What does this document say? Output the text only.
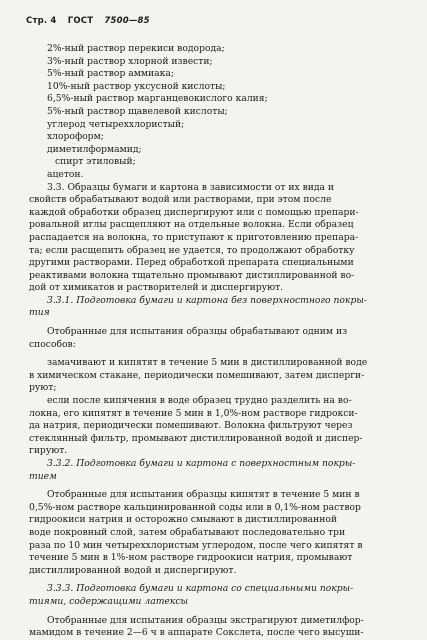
Стр. 4 ГОСТ 7500—85
2%-ный раствор перекиси водорода;
3%-ный раствор хлорной извести;
5%-ный раствор аммиака;
10%-ный раствор уксусной кислоты;
6,5%-ный раствор марганцевокислого калия;
5%-ный раствор щавелевой кислоты;
углерод четыреххлористый;
хлороформ;
диметилформамид;
спирт этиловый;
ацетон.
3.3. Образцы бумаги и картона в зависимости от их вида и
свойств обрабатывают водой или растворами, при этом после
каждой обработки образец диспергируют или с помощью препари-
ровальной иглы расщепляют на отдельные волокна. Если образец
распадается на волокна, то приступают к приготовлению препара-
та; если расщепить образец не удается, то продолжают обработку
другими растворами. Перед обработкой препарата специальными
реактивами волокна тщательно промывают дистиллированной во-
дой от химикатов и растворителей и диспергируют.
3.3.1. Подготовка бумаги и картона без поверхностного покры-
тия
Отобранные для испытания образцы обрабатывают одним из
способов:
замачивают и кипятят в течение 5 мин в дистиллированной воде
в химическом стакане, периодически помешивают, затем дисперги-
руют;
если после кипячения в воде образец трудно разделить на во-
локна, его кипятят в течение 5 мин в 1,0%-ном растворе гидрокси-
да натрия, периодически помешивают. Волокна фильтруют через
стеклянный фильтр, промывают дистиллированной водой и диспер-
гируют.
3.3.2. Подготовка бумаги и картона с поверхностным покры-
тием
Отобранные для испытания образцы кипятят в течение 5 мин в
0,5%-ном растворе кальцинированной соды или в 0,1%-ном раствор
гидроокиси натрия и осторожно смывают в дистиллированной
воде покровный слой, затем обрабатывают последовательно три
раза по 10 мин четыреххлористым углеродом, после чего кипятят в
течение 5 мин в 1%-ном растворе гидроокиси натрия, промывают
дистиллированной водой и диспергируют.
3.3.3. Подготовка бумаги и картона со специальными покры-
тиями, содержащими латексы
Отобранные для испытания образцы экстрагируют диметилфор-
мамидом в течение 2—6 ч в аппарате Сокслета, после чего высуши-
